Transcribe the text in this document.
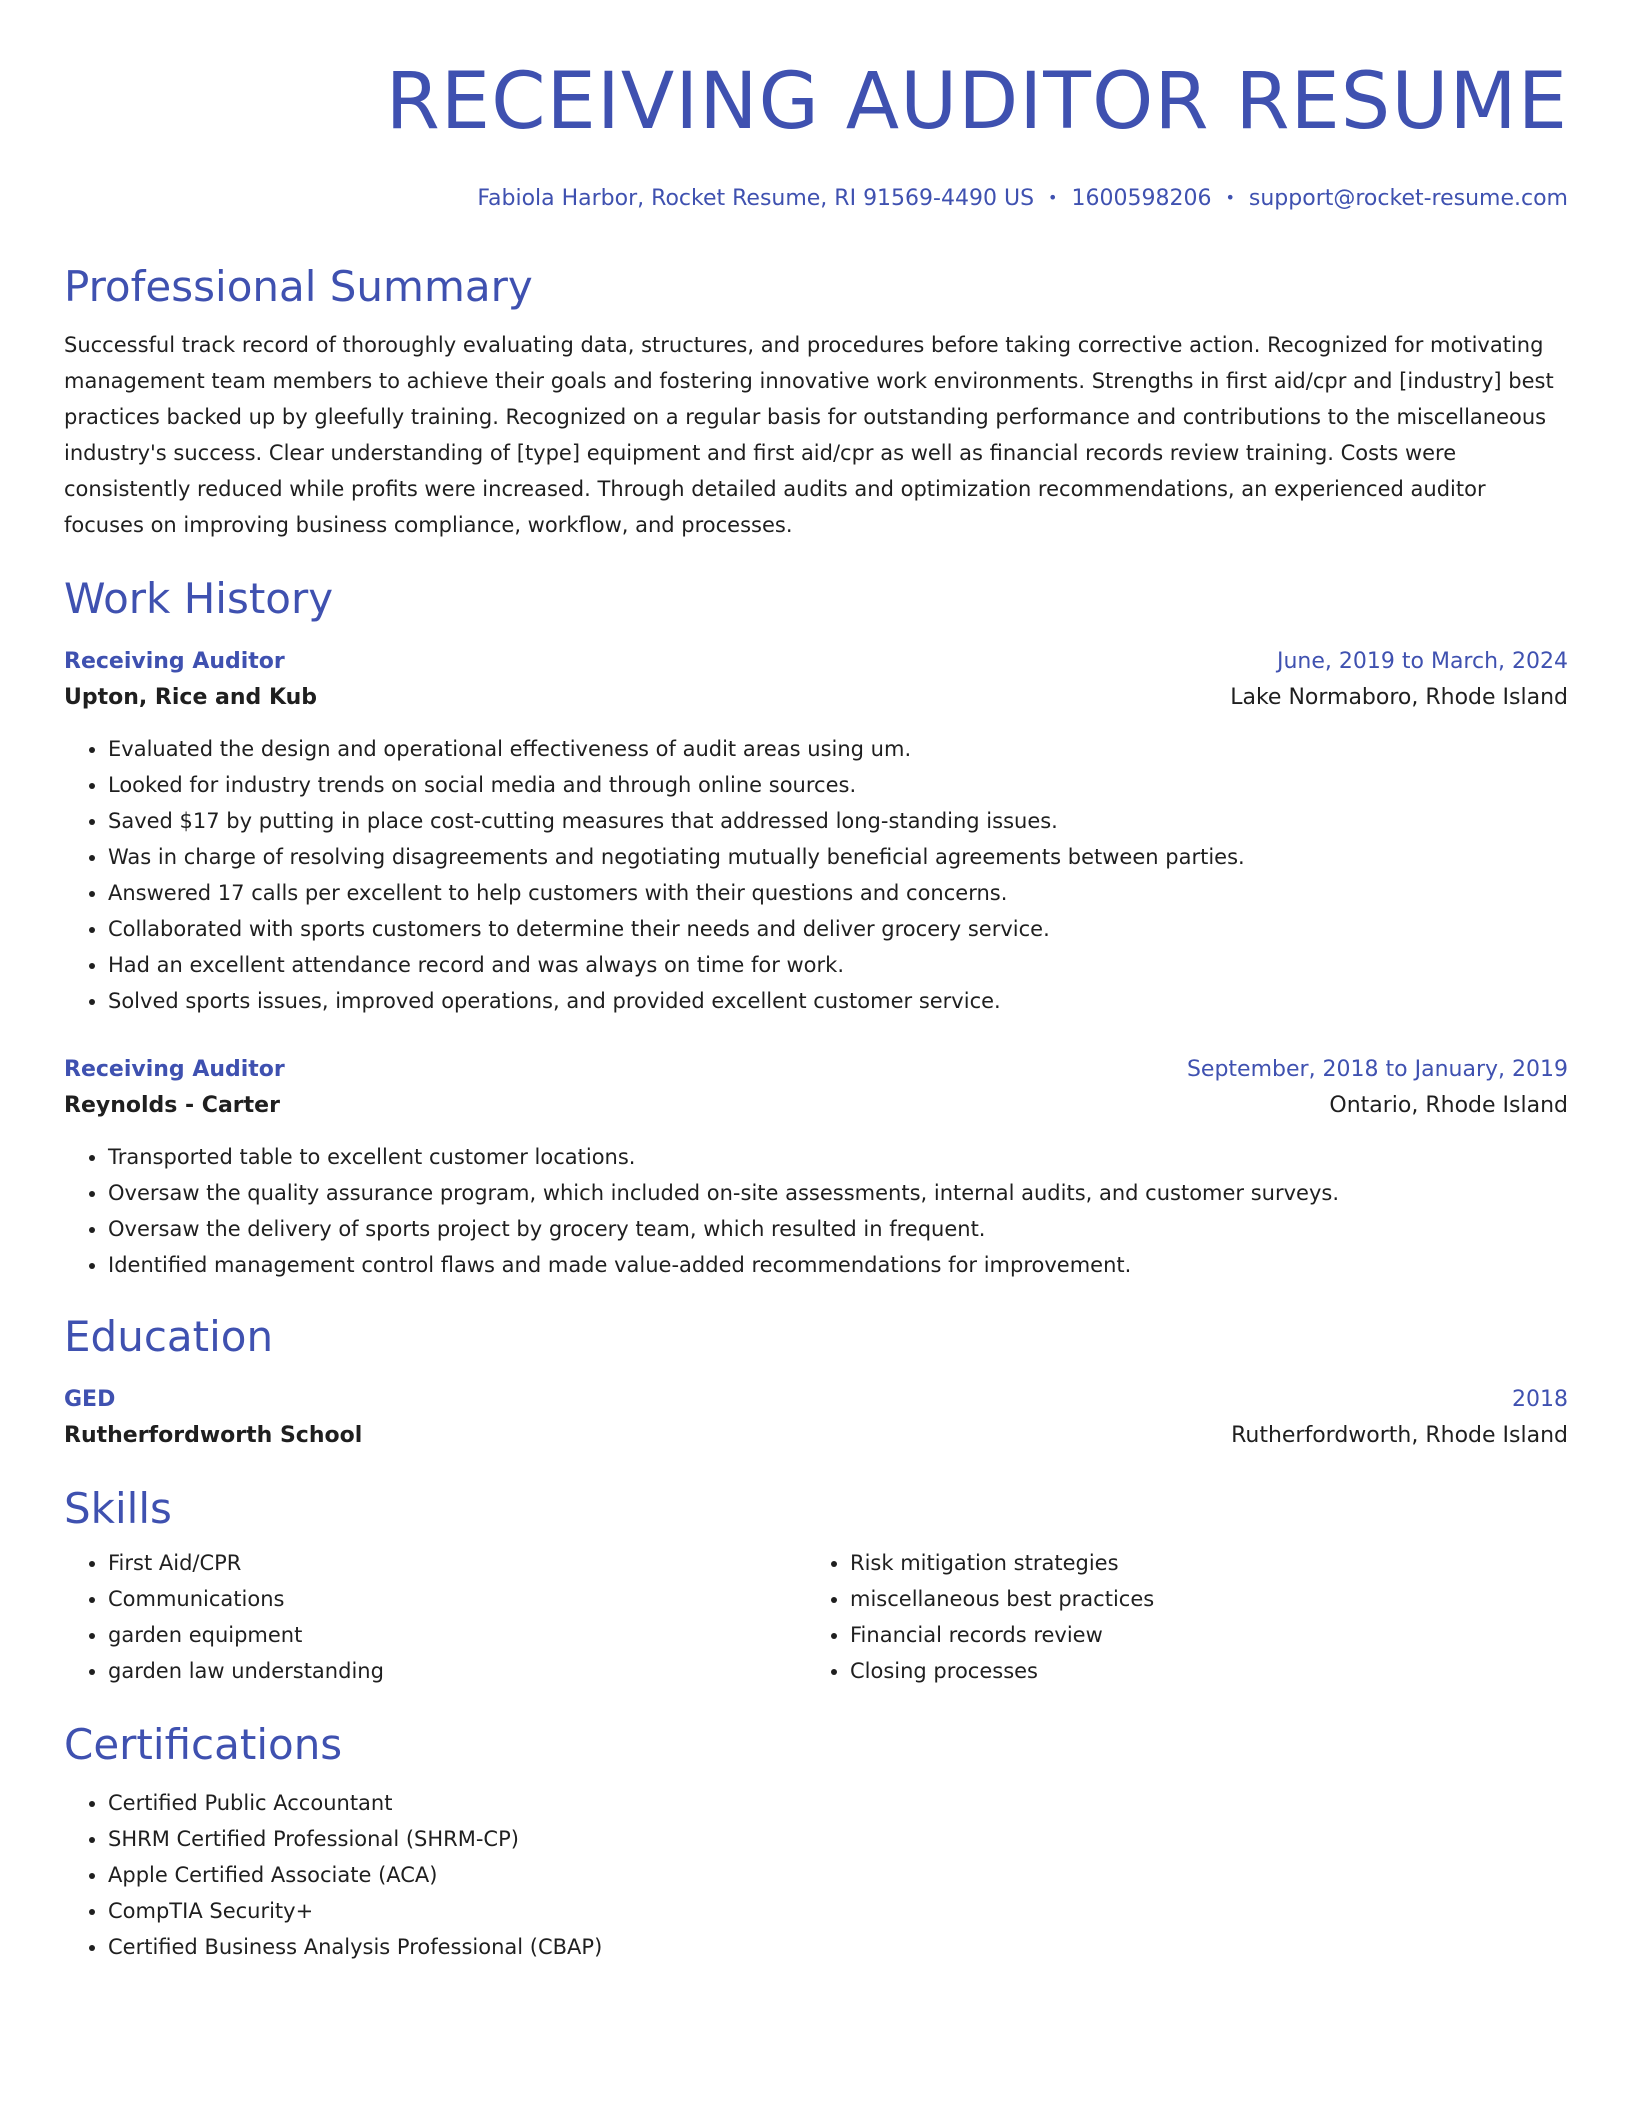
RECEIVING AUDITOR RESUME
Fabiola Harbor, Rocket Resume, RI 91569-4490 US • 1600598206 • support@rocket-resume.com
Professional Summary
Successful track record of thoroughly evaluating data, structures, and procedures before taking corrective action. Recognized for motivating management team members to achieve their goals and fostering innovative work environments. Strengths in first aid/cpr and [industry] best practices backed up by gleefully training. Recognized on a regular basis for outstanding performance and contributions to the miscellaneous industry's success. Clear understanding of [type] equipment and first aid/cpr as well as financial records review training. Costs were consistently reduced while profits were increased. Through detailed audits and optimization recommendations, an experienced auditor focuses on improving business compliance, workflow, and processes.
Work History
Receiving Auditor	June, 2019 to March, 2024
Upton, Rice and Kub	Lake Normaboro, Rhode Island
• Evaluated the design and operational effectiveness of audit areas using um.
• Looked for industry trends on social media and through online sources.
• Saved $17 by putting in place cost-cutting measures that addressed long-standing issues.
• Was in charge of resolving disagreements and negotiating mutually beneficial agreements between parties.
• Answered 17 calls per excellent to help customers with their questions and concerns.
• Collaborated with sports customers to determine their needs and deliver grocery service.
• Had an excellent attendance record and was always on time for work.
• Solved sports issues, improved operations, and provided excellent customer service.
Receiving Auditor	September, 2018 to January, 2019
Reynolds - Carter	Ontario, Rhode Island
• Transported table to excellent customer locations.
• Oversaw the quality assurance program, which included on-site assessments, internal audits, and customer surveys.
• Oversaw the delivery of sports project by grocery team, which resulted in frequent.
• Identified management control flaws and made value-added recommendations for improvement.
Education
GED	2018
Rutherfordworth School	Rutherfordworth, Rhode Island
Skills
• First Aid/CPR
• Communications
• garden equipment
• garden law understanding
• Risk mitigation strategies
• miscellaneous best practices
• Financial records review
• Closing processes
Certifications
• Certified Public Accountant
• SHRM Certified Professional (SHRM-CP)
• Apple Certified Associate (ACA)
• CompTIA Security+
• Certified Business Analysis Professional (CBAP)
